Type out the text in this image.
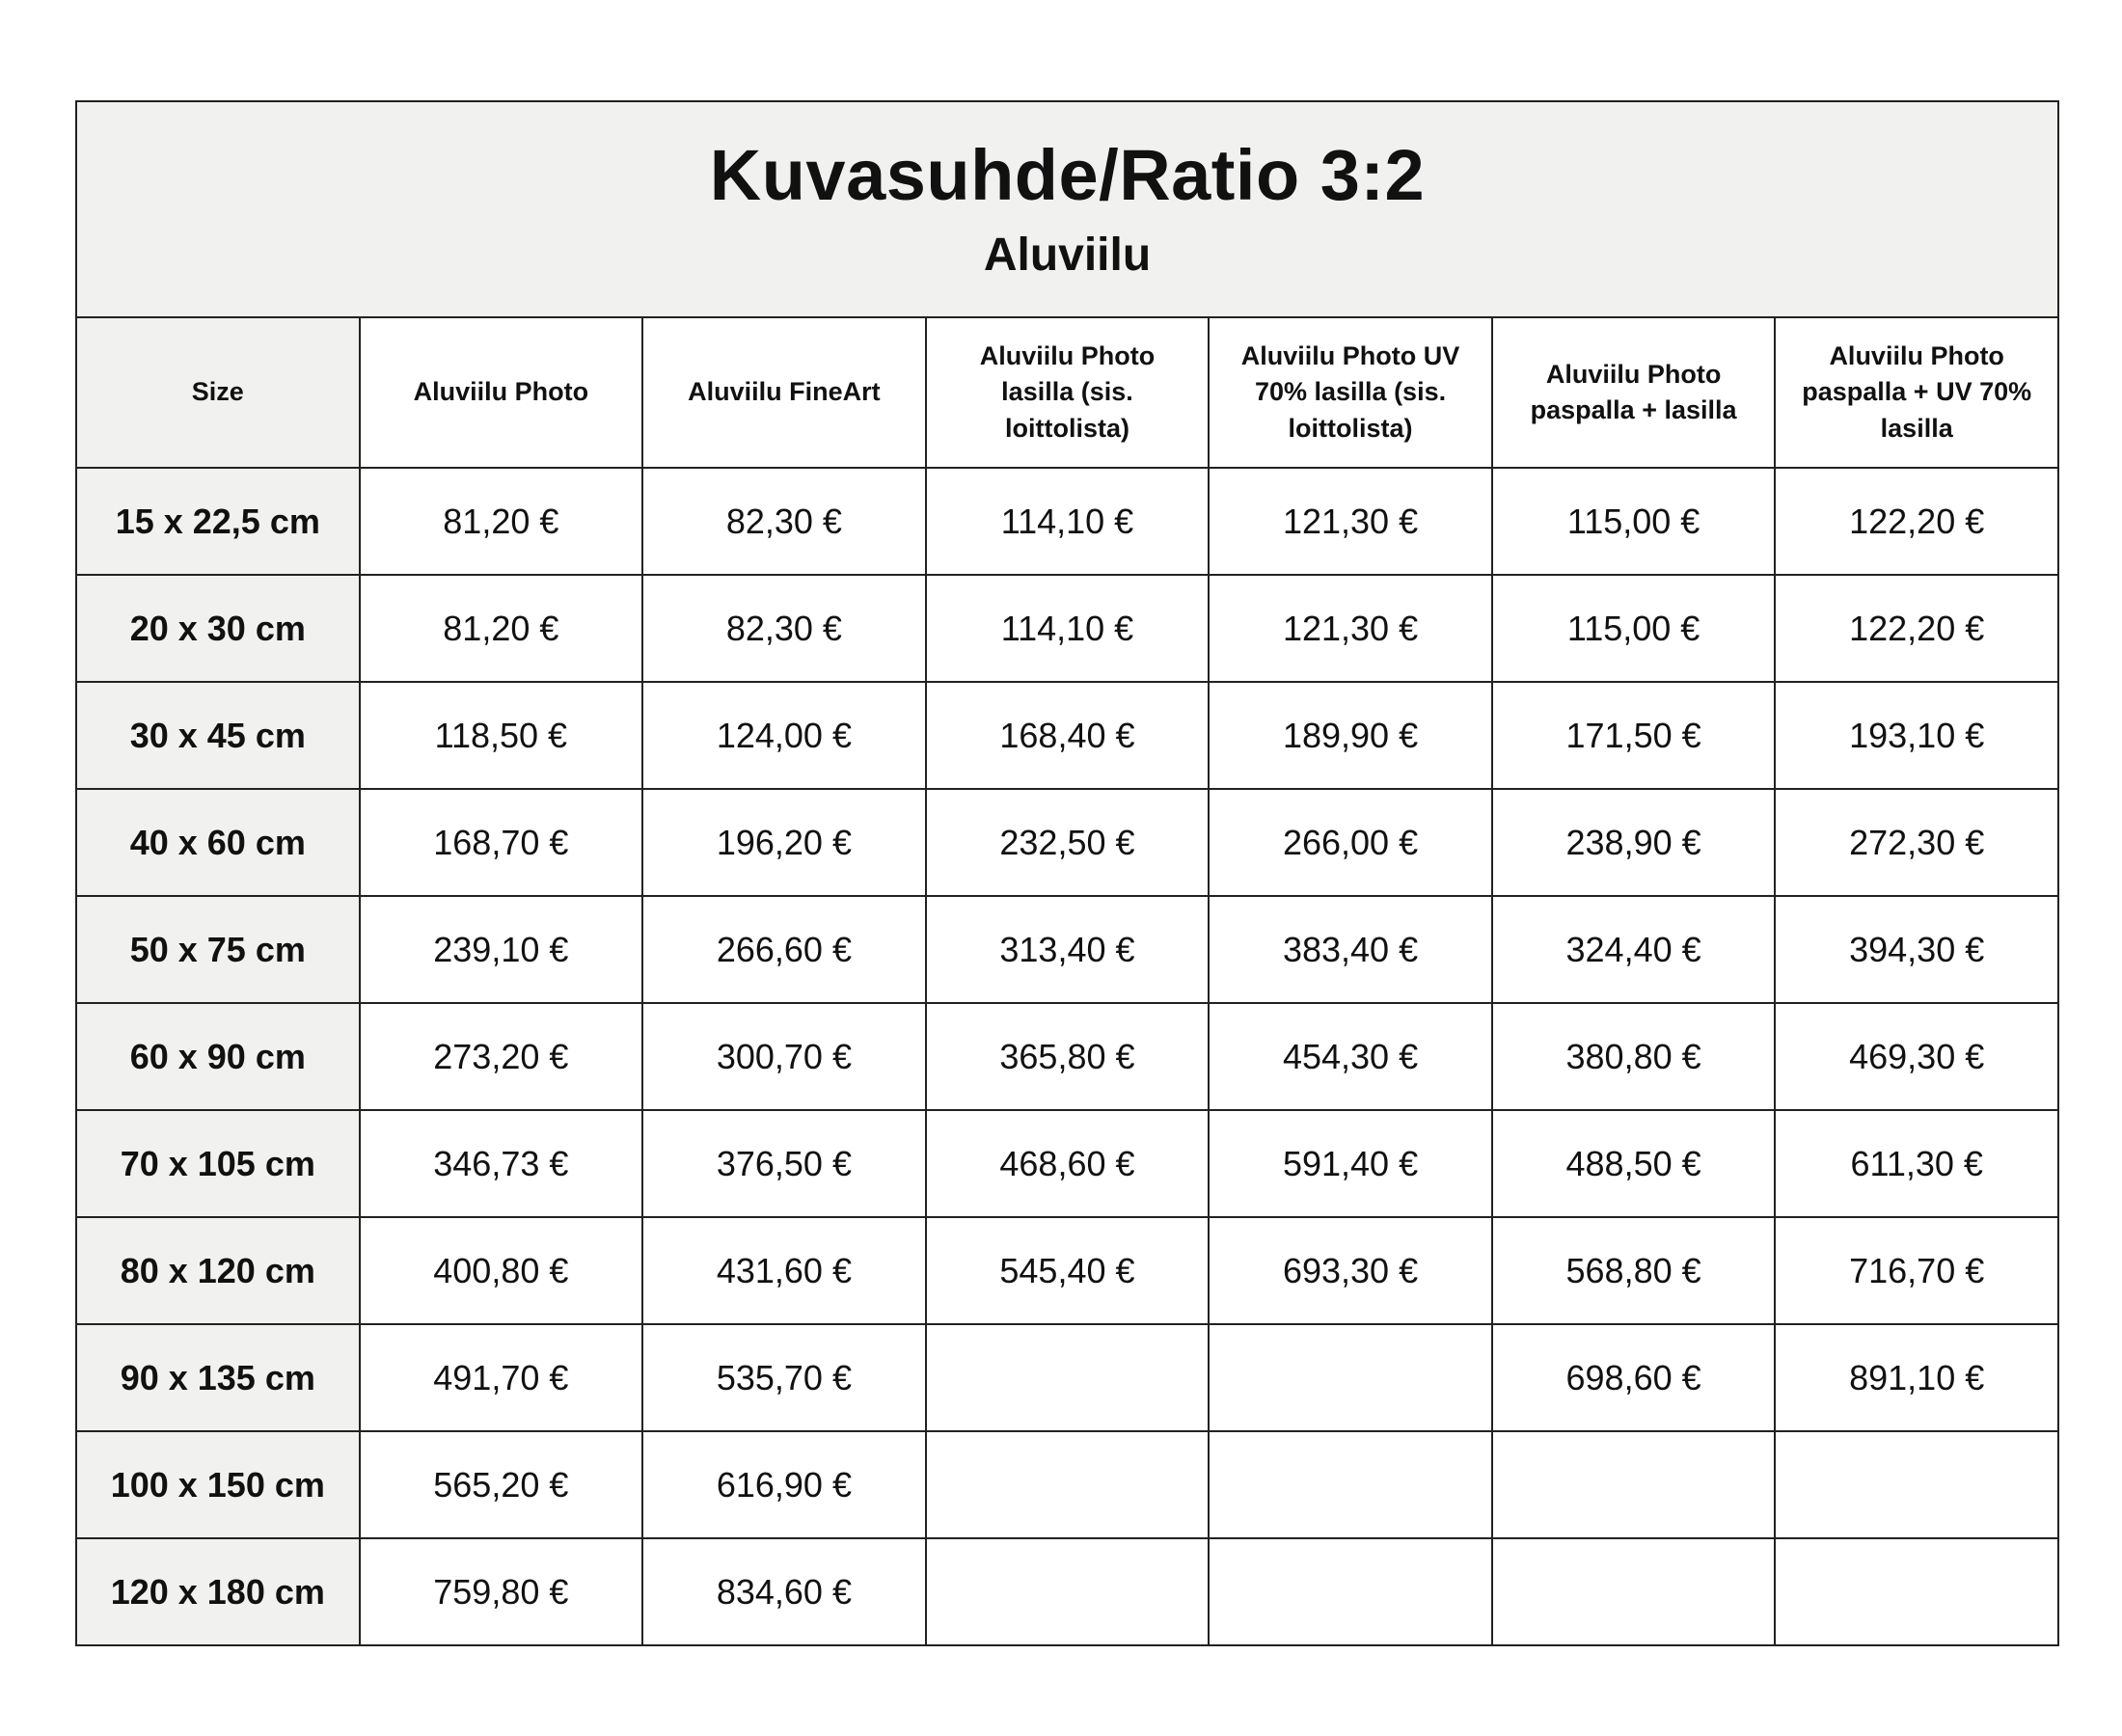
Kuvasuhde/Ratio 3:2
Aluviilu						

Size	Aluviilu Photo	Aluviilu FineArt	Aluviilu Photo lasilla (sis. loittolista)	Aluviilu Photo UV 70% lasilla (sis. loittolista)	Aluviilu Photo paspalla + lasilla	Aluviilu Photo paspalla + UV 70% lasilla

15 x 22,5 cm	81,20 €	82,30 €	114,10 €	121,30 €	115,00 €	122,20 €
20 x 30 cm	81,20 €	82,30 €	114,10 €	121,30 €	115,00 €	122,20 €
30 x 45 cm	118,50 €	124,00 €	168,40 €	189,90 €	171,50 €	193,10 €
40 x 60 cm	168,70 €	196,20 €	232,50 €	266,00 €	238,90 €	272,30 €
50 x 75 cm	239,10 €	266,60 €	313,40 €	383,40 €	324,40 €	394,30 €
60 x 90 cm	273,20 €	300,70 €	365,80 €	454,30 €	380,80 €	469,30 €
70 x 105 cm	346,73 €	376,50 €	468,60 €	591,40 €	488,50 €	611,30 €
80 x 120 cm	400,80 €	431,60 €	545,40 €	693,30 €	568,80 €	716,70 €
90 x 135 cm	491,70 €	535,70 €			698,60 €	891,10 €
100 x 150 cm	565,20 €	616,90 €				
120 x 180 cm	759,80 €	834,60 €				
